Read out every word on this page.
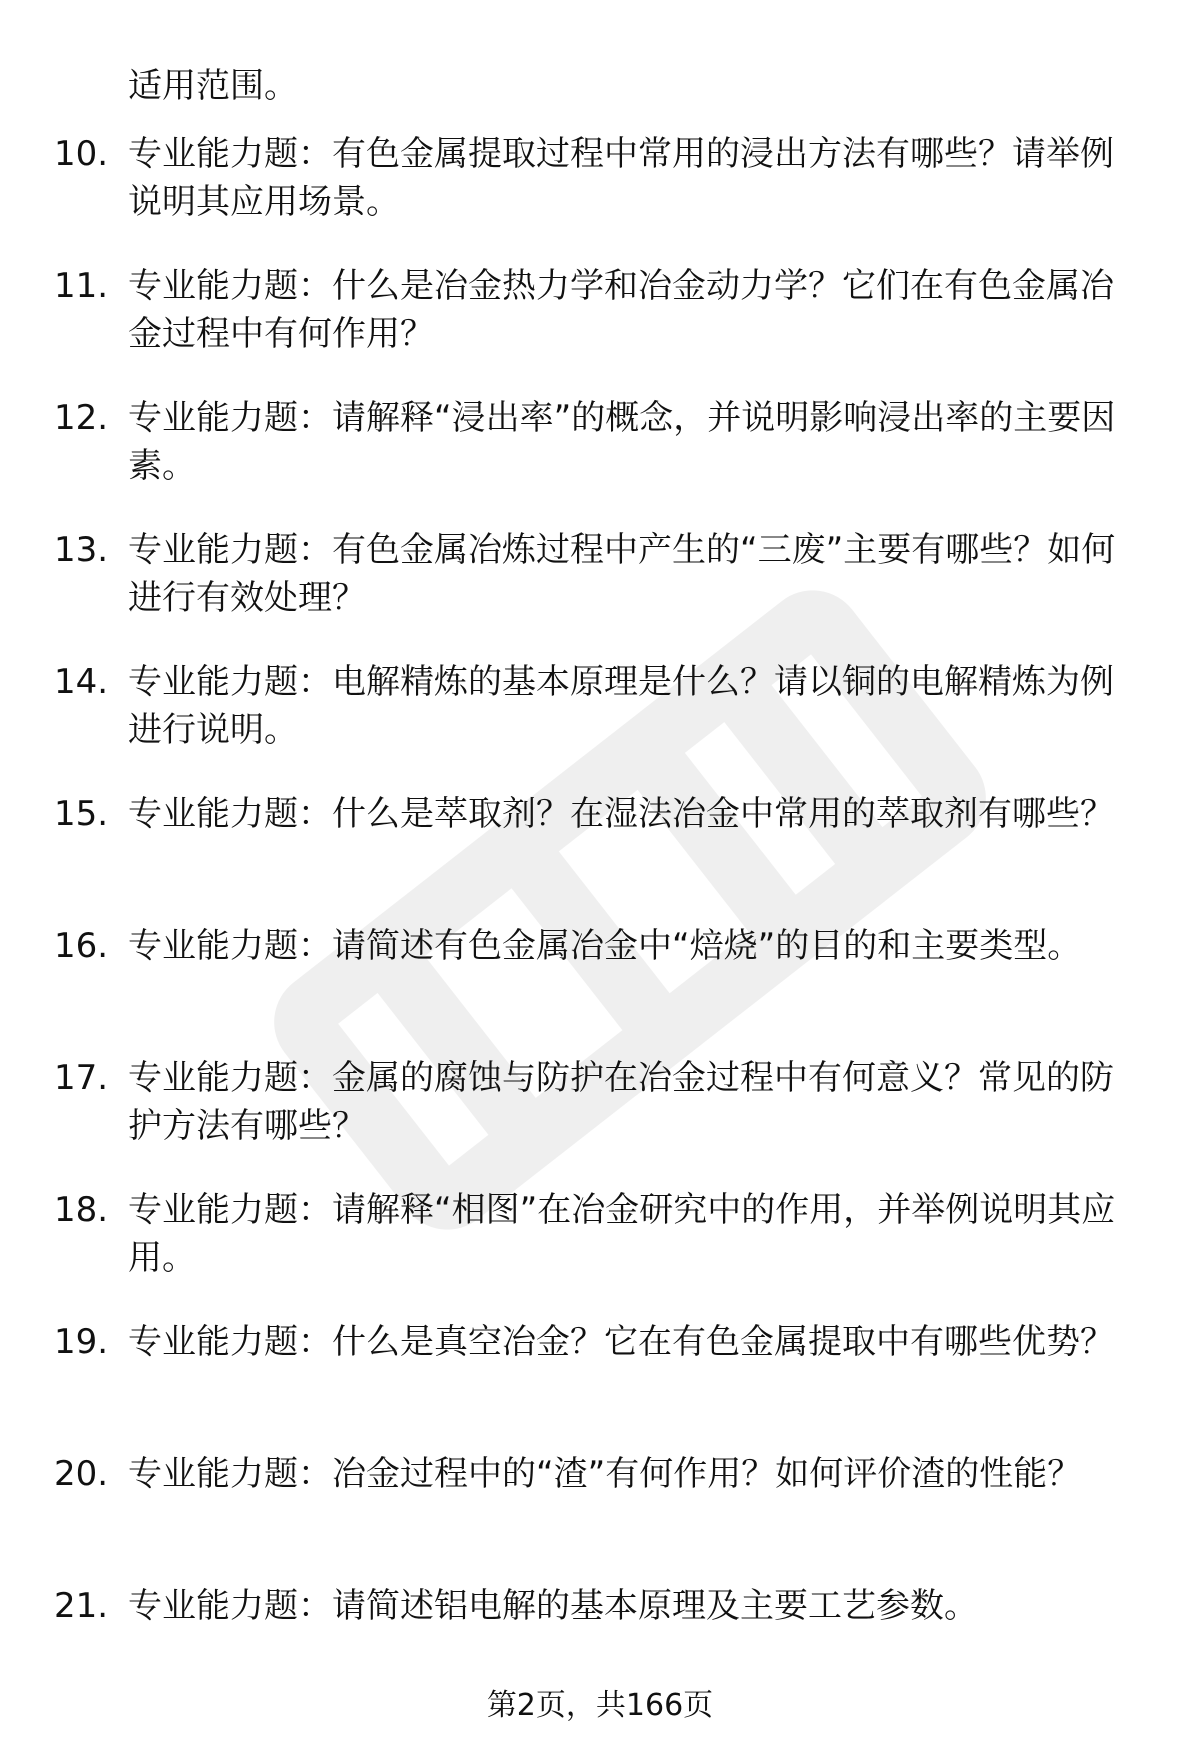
适用范围。

10. 专业能力题：有色金属提取过程中常用的浸出方法有哪些？请举例说明其应用场景。
11. 专业能力题：什么是冶金热力学和冶金动力学？它们在有色金属冶金过程中有何作用？
12. 专业能力题：请解释“浸出率”的概念，并说明影响浸出率的主要因素。
13. 专业能力题：有色金属冶炼过程中产生的“三废”主要有哪些？如何进行有效处理？
14. 专业能力题：电解精炼的基本原理是什么？请以铜的电解精炼为例进行说明。
15. 专业能力题：什么是萃取剂？在湿法冶金中常用的萃取剂有哪些？
16. 专业能力题：请简述有色金属冶金中“焙烧”的目的和主要类型。
17. 专业能力题：金属的腐蚀与防护在冶金过程中有何意义？常见的防护方法有哪些？
18. 专业能力题：请解释“相图”在冶金研究中的作用，并举例说明其应用。
19. 专业能力题：什么是真空冶金？它在有色金属提取中有哪些优势？
20. 专业能力题：冶金过程中的“渣”有何作用？如何评价渣的性能？
21. 专业能力题：请简述铝电解的基本原理及主要工艺参数。
第2页，共166页
